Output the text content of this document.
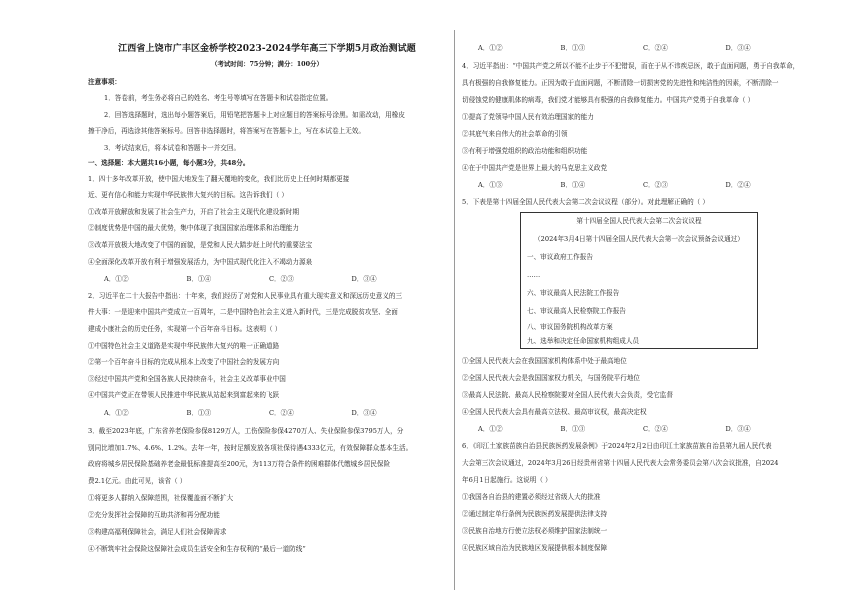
江西省上饶市广丰区金桥学校2023-2024学年高三下学期5月政治测试题
（考试时间：75分钟；满分：100分）
注意事项：
1．答卷前，考生务必将自己的姓名、考生号等填写在答题卡和试卷指定位置。
2．回答选择题时，选出每小题答案后，用铅笔把答题卡上对应题目的答案标号涂黑。如需改动，用橡皮
擦干净后，再选涂其他答案标号。回答非选择题时，将答案写在答题卡上，写在本试卷上无效。
3．考试结束后，将本试卷和答题卡一并交回。
一、选择题：本大题共16小题，每小题3分，共48分。
1．四十多年改革开放，使中国大地发生了翻天覆地的变化，我们比历史上任何时期都更接
近、更有信心和能力实现中华民族伟大复兴的目标。这告诉我们（ ）
①改革开放解放和发展了社会生产力，开启了社会主义现代化建设新时期
②制度优势是中国的最大优势，集中体现了我国国家治理体系和治理能力
③改革开放极大地改变了中国的面貌，是党和人民大踏步赶上时代的重要法宝
④全面深化改革开放有利于增强发展活力，为中国式现代化注入不竭动力源泉
A．①②	B．①④	C．②③	D．③④
2．习近平在二十大报告中指出：十年来，我们经历了对党和人民事业具有重大现实意义和深远历史意义的三
件大事：一是迎来中国共产党成立一百周年，二是中国特色社会主义进入新时代，三是完成脱贫攻坚、全面
建成小康社会的历史任务，实现第一个百年奋斗目标。这表明（ ）
①中国特色社会主义道路是实现中华民族伟大复兴的唯一正确道路
②第一个百年奋斗目标的完成从根本上改变了中国社会的发展方向
③经过中国共产党和全国各族人民持续奋斗，社会主义改革事业中国
④中国共产党正在带领人民推进中华民族从站起来到富起来的飞跃
A．①②	B．①③	C．②④	D．③④
3．截至2023年底，广东省养老保险参保8129万人，工伤保险参保4270万人、失业保险参保3795万人，分
别同比增加1.7%、4.6%、1.2%。去年一年，按时足额发放各项社保待遇4333亿元，有效保障群众基本生活。
政府将城乡居民保险基础养老金最低标准提高至200元，为113万符合条件的困难群体代缴城乡居民保险
费2.1亿元。由此可见，该省（ ）
①将更多人群纳入保障范围，社保覆盖面不断扩大
②充分发挥社会保障的互助共济和再分配功能
③构建高福利保障社会，满足人们社会保障需求
④不断筑牢社会保险这保障社会成员生活安全和生存权利的“最后一道防线”
A．①②	B．①③	C．②④	D．③④
4．习近平指出：“中国共产党之所以不能不止步于不犯错误，而在于从不讳疾忌医，敢于直面问题，勇于自我革命，
具有极强的自我修复能力。正因为敢于直面问题，不断清除一切损害党的先进性和纯洁性的因素，不断清除一
切侵蚀党的健康肌体的病毒，我们党才能够具有极强的自我修复能力。中国共产党勇于自我革命（ ）
①提高了党领导中国人民有效治理国家的能力
②其底气来自伟大的社会革命的引领
③有利于增强党组织的政治功能和组织功能
④在于中国共产党是世界上最大的马克思主义政党
A．①③	B．①④	C．②③	D．②④
5．下表是第十四届全国人民代表大会第二次会议议程（部分）。对此理解正确的（ ）
第十四届全国人民代表大会第二次会议议程
（2024年3月4日第十四届全国人民代表大会第一次会议预备会议通过）
一、审议政府工作报告
……
六、审议最高人民法院工作报告
七、审议最高人民检察院工作报告
八、审议国务院机构改革方案
九、选举和决定任命国家机构组成人员
①全国人民代表大会在我国国家机构体系中处于最高地位
②全国人民代表大会是我国国家权力机关，与国务院平行地位
③最高人民法院、最高人民检察院要对全国人民代表大会负责，受它监督
④全国人民代表大会具有最高立法权、最高审议权，最高决定权
A．①②	B．①③	C．②④	D．③④
6．《印江土家族苗族自治县民族医药发展条例》于2024年2月2日由印江土家族苗族自治县第九届人民代表
大会第三次会议通过，2024年3月26日经贵州省第十四届人民代表大会常务委员会第八次会议批准，自2024
年6月1日起施行。这说明（ ）
①我国各自治县的建置必须经过省级人大的批准
②通过制定单行条例为民族医药发展提供法律支持
③民族自治地方行使立法权必须维护国家法制统一
④民族区域自治为民族地区发展提供根本制度保障
